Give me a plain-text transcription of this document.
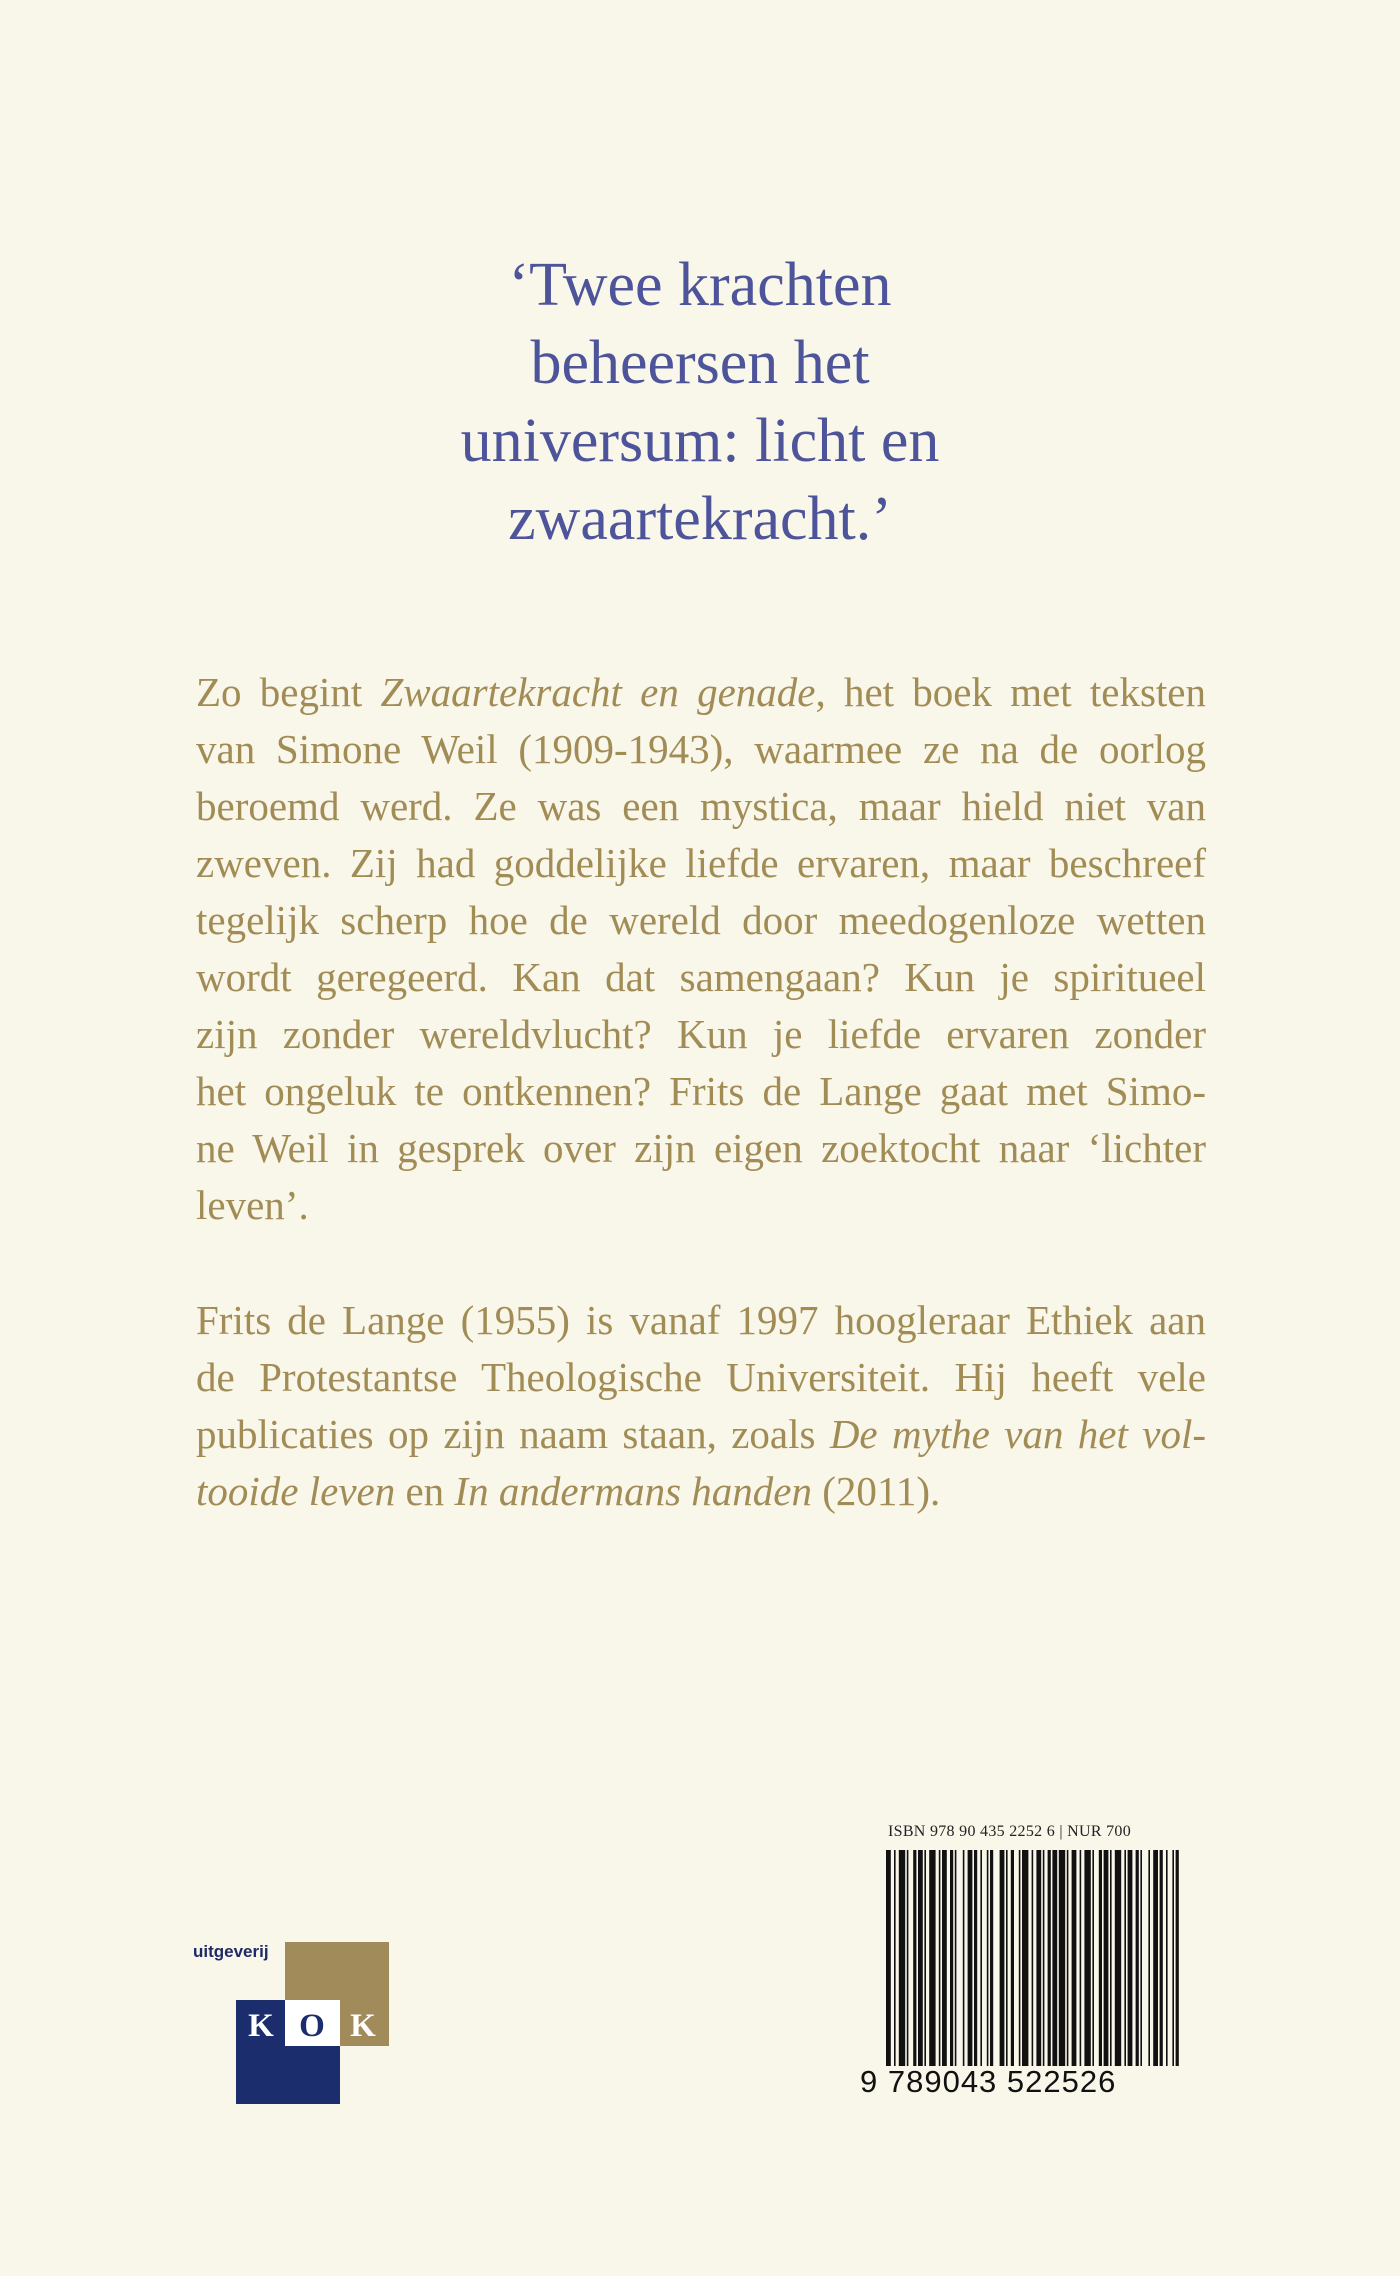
‘Twee krachten
beheersen het
universum: licht en
zwaartekracht.’
Zo begint Zwaartekracht en genade, het boek met teksten
van Simone Weil (1909-1943), waarmee ze na de oorlog
beroemd werd. Ze was een mystica, maar hield niet van
zweven. Zij had goddelijke liefde ervaren, maar beschreef
tegelijk scherp hoe de wereld door meedogenloze wetten
wordt geregeerd. Kan dat samengaan? Kun je spiritueel
zijn zonder wereldvlucht? Kun je liefde ervaren zonder
het ongeluk te ontkennen? Frits de Lange gaat met Simo-
ne Weil in gesprek over zijn eigen zoektocht naar ‘lichter
leven’.
Frits de Lange (1955) is vanaf 1997 hoogleraar Ethiek aan
de Protestantse Theologische Universiteit. Hij heeft vele
publicaties op zijn naam staan, zoals De mythe van het vol-
tooide leven en In andermans handen (2011).
uitgeverij
K O K
ISBN 978 90 435 2252 6 | NUR 700
9 789043 522526
